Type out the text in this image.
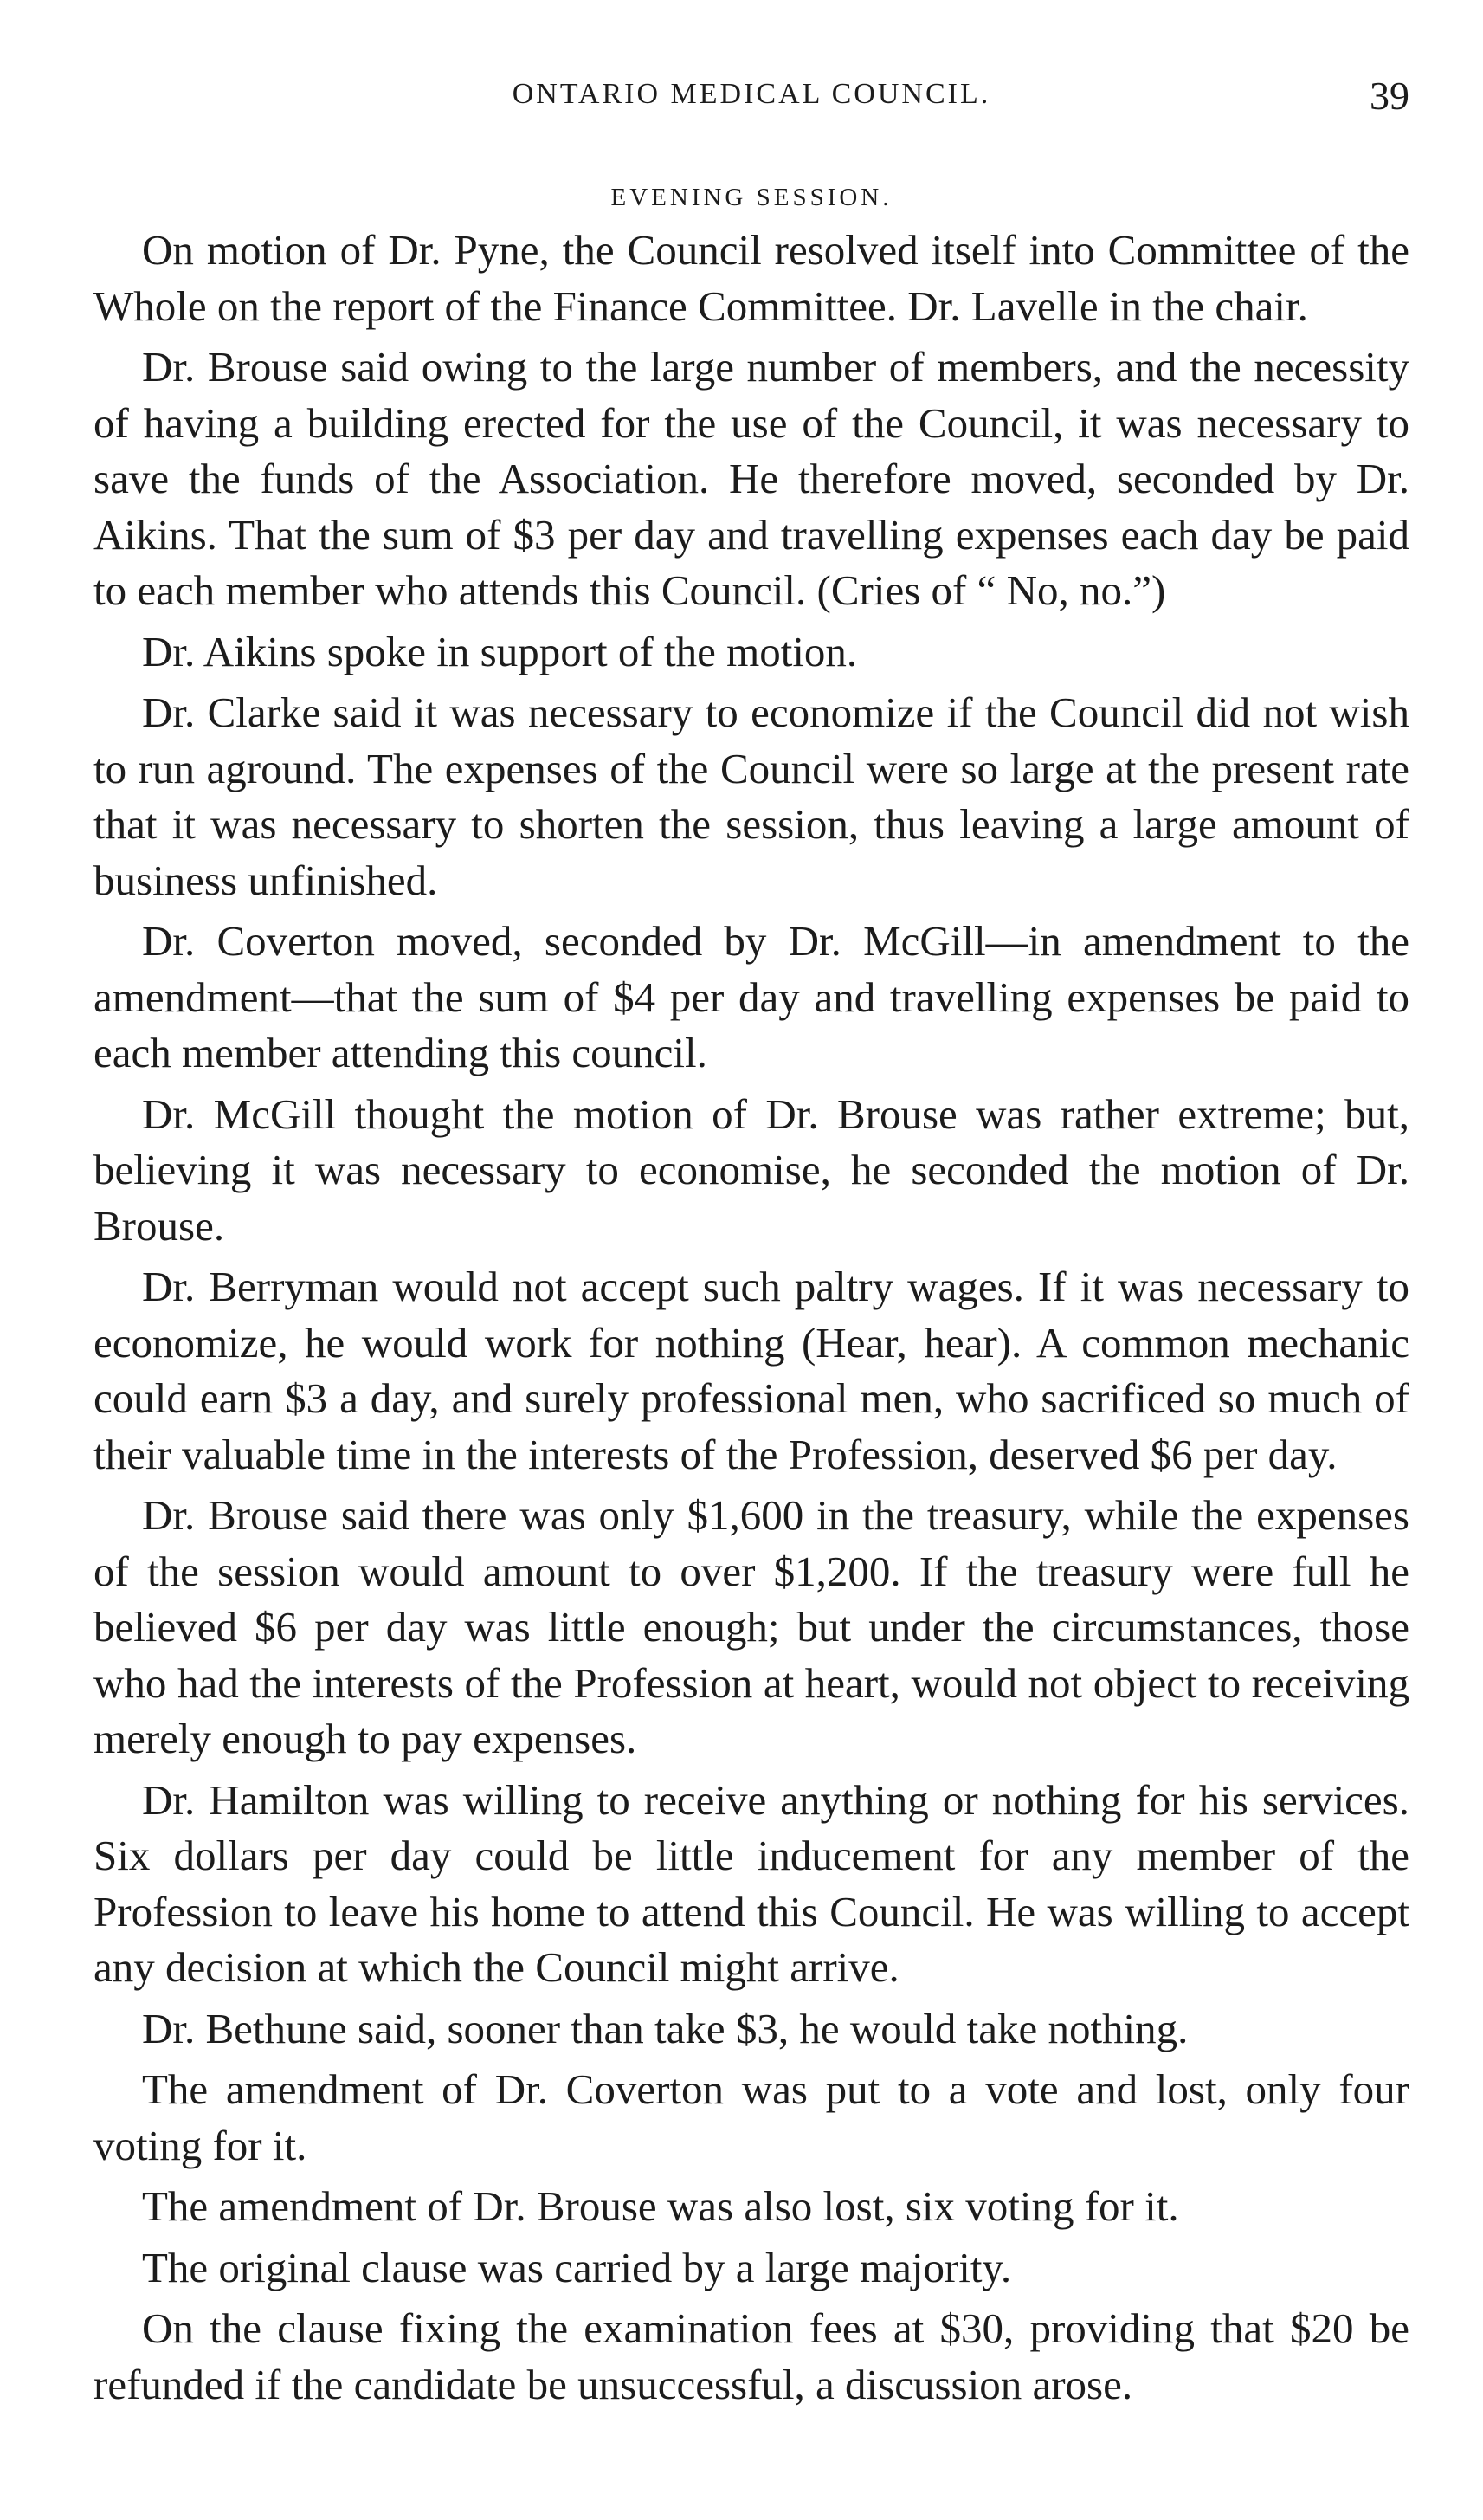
ONTARIO MEDICAL COUNCIL.	39
EVENING SESSION.

On motion of Dr. Pyne, the Council resolved itself into Committee of the Whole on the report of the Finance Committee. Dr. Lavelle in the chair.

Dr. Brouse said owing to the large number of members, and the necessity of having a building erected for the use of the Council, it was necessary to save the funds of the Association. He therefore moved, seconded by Dr. Aikins. That the sum of $3 per day and travelling expenses each day be paid to each member who attends this Council. (Cries of “ No, no.”)

Dr. Aikins spoke in support of the motion.

Dr. Clarke said it was necessary to economize if the Council did not wish to run aground. The expenses of the Council were so large at the present rate that it was necessary to shorten the session, thus leaving a large amount of business unfinished.

Dr. Coverton moved, seconded by Dr. McGill—in amendment to the amendment—that the sum of $4 per day and travelling expenses be paid to each member attending this council.

Dr. McGill thought the motion of Dr. Brouse was rather extreme; but, believing it was necessary to economise, he seconded the motion of Dr. Brouse.

Dr. Berryman would not accept such paltry wages. If it was necessary to economize, he would work for nothing (Hear, hear). A common mechanic could earn $3 a day, and surely professional men, who sacrificed so much of their valuable time in the interests of the Profession, deserved $6 per day.

Dr. Brouse said there was only $1,600 in the treasury, while the expenses of the session would amount to over $1,200. If the treasury were full he believed $6 per day was little enough; but under the circumstances, those who had the interests of the Profession at heart, would not object to receiving merely enough to pay expenses.

Dr. Hamilton was willing to receive anything or nothing for his services. Six dollars per day could be little inducement for any member of the Profession to leave his home to attend this Council. He was willing to accept any decision at which the Council might arrive.

Dr. Bethune said, sooner than take $3, he would take nothing.

The amendment of Dr. Coverton was put to a vote and lost, only four voting for it.

The amendment of Dr. Brouse was also lost, six voting for it.

The original clause was carried by a large majority.

On the clause fixing the examination fees at $30, providing that $20 be refunded if the candidate be unsuccessful, a discussion arose.
